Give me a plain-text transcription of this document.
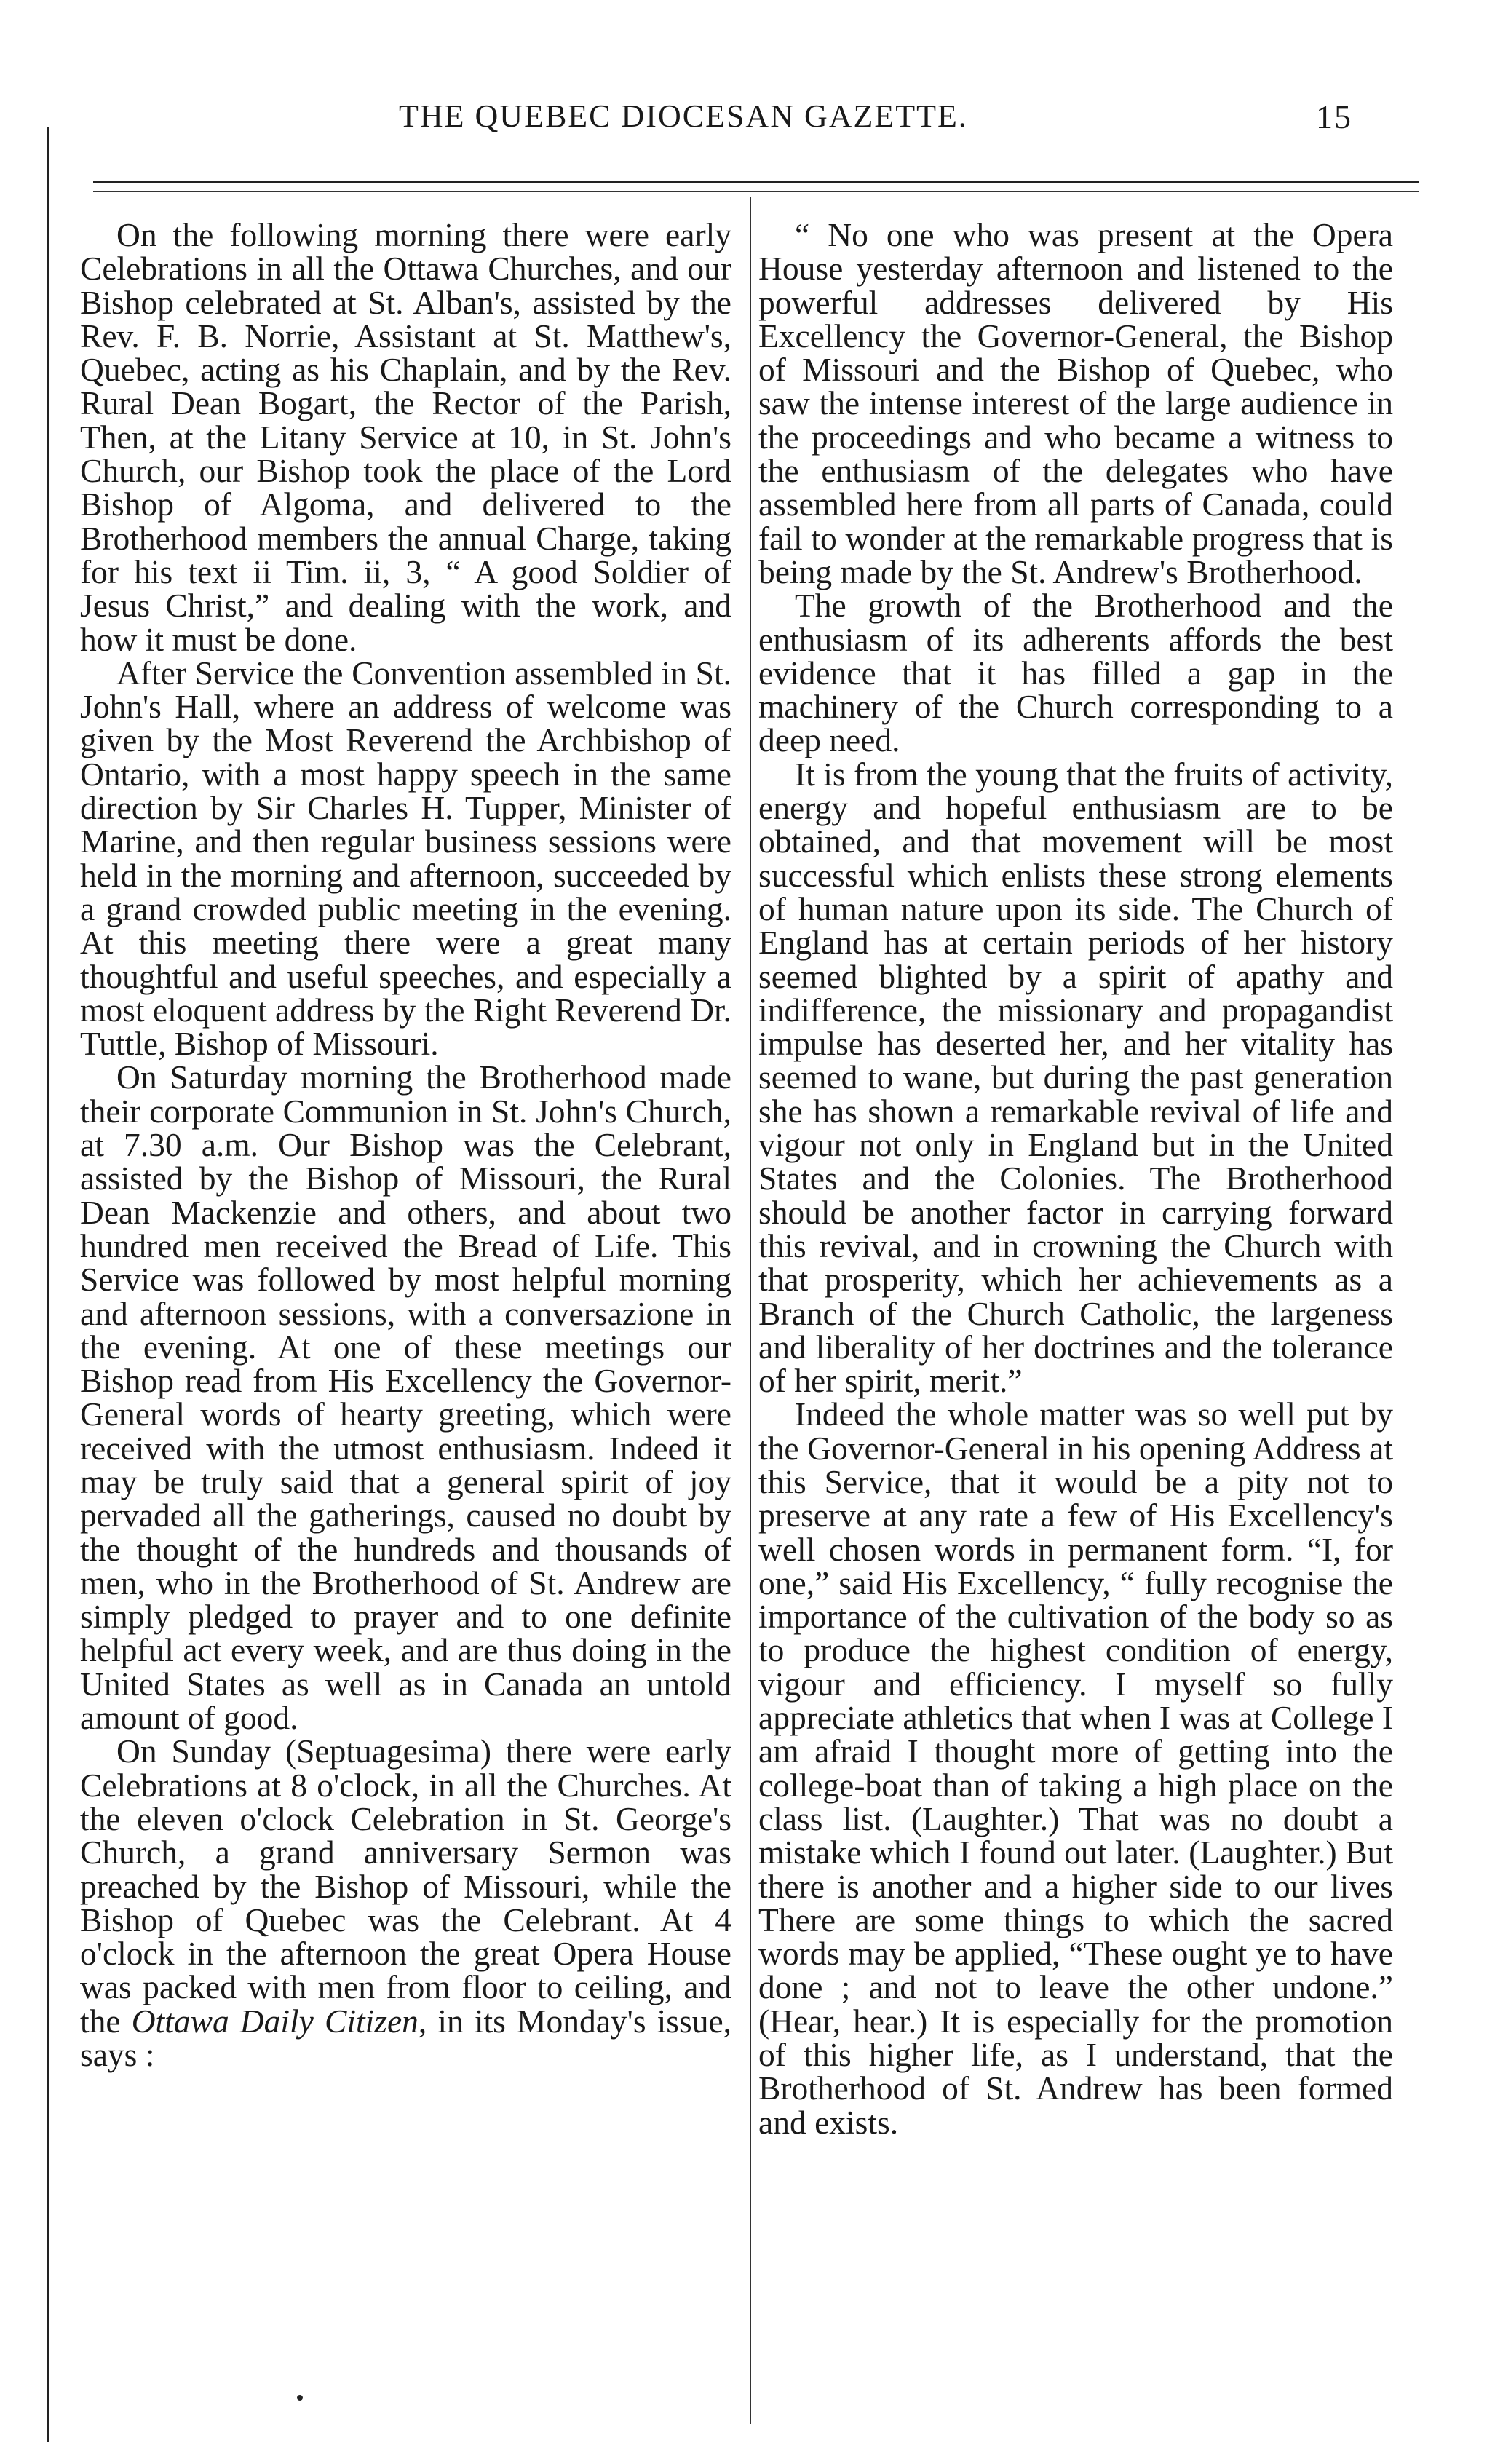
THE QUEBEC DIOCESAN GAZETTE.	15

On the following morning there were early Celebrations in all the Ottawa Churches, and our Bishop celebrated at St. Alban's, assisted by the Rev. F. B. Norrie, Assistant at St. Matthew's, Quebec, acting as his Chaplain, and by the Rev. Rural Dean Bogart, the Rector of the Parish, Then, at the Litany Service at 10, in St. John's Church, our Bishop took the place of the Lord Bishop of Algoma, and delivered to the Brotherhood members the annual Charge, taking for his text ii Tim. ii, 3, “ A good Soldier of Jesus Christ,” and dealing with the work, and how it must be done.

After Service the Convention assembled in St. John's Hall, where an address of welcome was given by the Most Reverend the Archbishop of Ontario, with a most happy speech in the same direction by Sir Charles H. Tupper, Minister of Marine, and then regular business sessions were held in the morning and afternoon, succeeded by a grand crowded public meeting in the evening. At this meeting there were a great many thoughtful and useful speeches, and especially a most eloquent address by the Right Reverend Dr. Tuttle, Bishop of Missouri.

On Saturday morning the Brotherhood made their corporate Communion in St. John's Church, at 7.30 a.m. Our Bishop was the Celebrant, assisted by the Bishop of Missouri, the Rural Dean Mackenzie and others, and about two hundred men received the Bread of Life. This Service was followed by most helpful morning and afternoon sessions, with a conversazione in the evening. At one of these meetings our Bishop read from His Excellency the Governor-General words of hearty greeting, which were received with the utmost enthusiasm. Indeed it may be truly said that a general spirit of joy pervaded all the gatherings, caused no doubt by the thought of the hundreds and thousands of men, who in the Brotherhood of St. Andrew are simply pledged to prayer and to one definite helpful act every week, and are thus doing in the United States as well as in Canada an untold amount of good.

On Sunday (Septuagesima) there were early Celebrations at 8 o'clock, in all the Churches. At the eleven o'clock Celebration in St. George's Church, a grand anniversary Sermon was preached by the Bishop of Missouri, while the Bishop of Quebec was the Celebrant. At 4 o'clock in the afternoon the great Opera House was packed with men from floor to ceiling, and the Ottawa Daily Citizen, in its Monday's issue, says :

“ No one who was present at the Opera House yesterday afternoon and listened to the powerful addresses delivered by His Excellency the Governor-General, the Bishop of Missouri and the Bishop of Quebec, who saw the intense interest of the large audience in the proceedings and who became a witness to the enthusiasm of the delegates who have assembled here from all parts of Canada, could fail to wonder at the remarkable progress that is being made by the St. Andrew's Brotherhood.

The growth of the Brotherhood and the enthusiasm of its adherents affords the best evidence that it has filled a gap in the machinery of the Church corresponding to a deep need.

It is from the young that the fruits of activity, energy and hopeful enthusiasm are to be obtained, and that movement will be most successful which enlists these strong elements of human nature upon its side. The Church of England has at certain periods of her history seemed blighted by a spirit of apathy and indifference, the missionary and propagandist impulse has deserted her, and her vitality has seemed to wane, but during the past generation she has shown a remarkable revival of life and vigour not only in England but in the United States and the Colonies. The Brotherhood should be another factor in carrying forward this revival, and in crowning the Church with that prosperity, which her achievements as a Branch of the Church Catholic, the largeness and liberality of her doctrines and the tolerance of her spirit, merit.”

Indeed the whole matter was so well put by the Governor-General in his opening Address at this Service, that it would be a pity not to preserve at any rate a few of His Excellency's well chosen words in permanent form. “I, for one,” said His Excellency, “ fully recognise the importance of the cultivation of the body so as to produce the highest condition of energy, vigour and efficiency. I myself so fully appreciate athletics that when I was at College I am afraid I thought more of getting into the college-boat than of taking a high place on the class list. (Laughter.) That was no doubt a mistake which I found out later. (Laughter.) But there is another and a higher side to our lives There are some things to which the sacred words may be applied, “These ought ye to have done ; and not to leave the other undone.” (Hear, hear.) It is especially for the promotion of this higher life, as I understand, that the Brotherhood of St. Andrew has been formed and exists.
